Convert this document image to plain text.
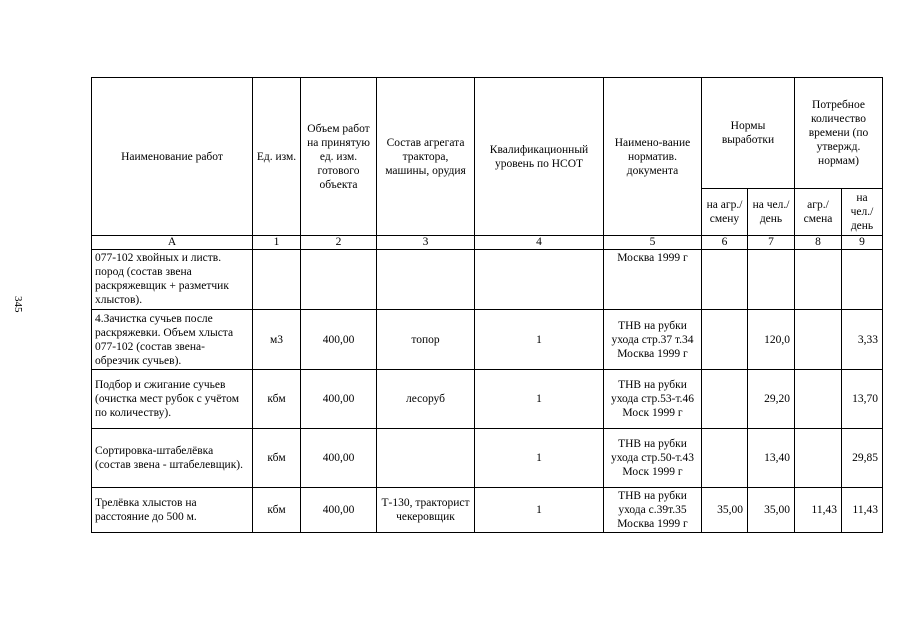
345
Наименование работ	Ед. изм.	Объем работ на принятую ед. изм. готового объекта	Состав агрегата трактора, машины, орудия	Квалификационный уровень по НСОТ	Наимено-вание норматив. документа	Нормы выработки		Потребное количество времени (по утвержд. нормам)	
						на агр./ смену	на чел./ день	агр./ смена	на чел./ день
А	1	2	3	4	5	6	7	8	9
077-102 хвойных и листв. пород (состав звена раскряжевщик + разметчик хлыстов).					Москва 1999 г				
4.Зачистка сучьев после раскряжевки. Объем хлыста 077-102 (состав звена-обрезчик сучьев).	м3	400,00	топор	1	ТНВ на рубки ухода стр.37 т.34 Москва 1999 г		120,0		3,33
Подбор и сжигание сучьев (очистка мест рубок с учётом по количеству).	кбм	400,00	лесоруб	1	ТНВ на рубки ухода стр.53-т.46 Моск 1999 г		29,20		13,70
Сортировка-штабелёвка (состав звена - штабелевщик).	кбм	400,00		1	ТНВ на рубки ухода стр.50-т.43 Моск 1999 г		13,40		29,85
Трелёвка хлыстов на расстояние до 500 м.	кбм	400,00	Т-130, тракторист чекеровщик	1	ТНВ на рубки ухода с.39т.35 Москва 1999 г	35,00	35,00	11,43	11,43
